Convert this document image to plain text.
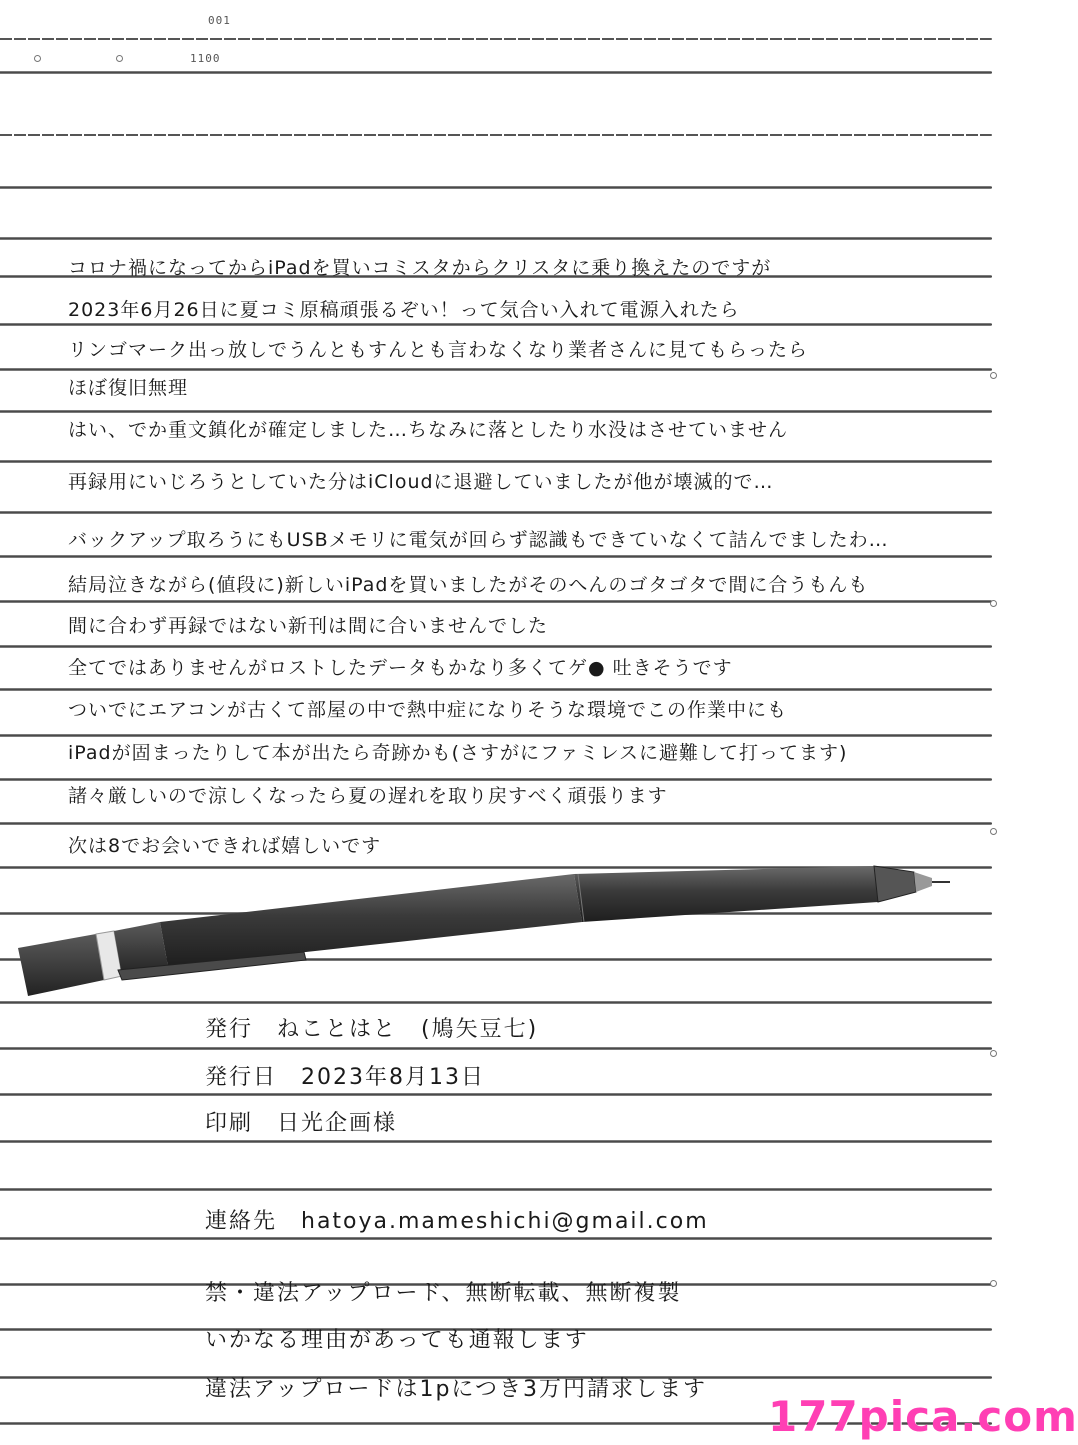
001
1100
コロナ禍になってからiPadを買いコミスタからクリスタに乗り換えたのですが
2023年6月26日に夏コミ原稿頑張るぞい！って気合い入れて電源入れたら
リンゴマーク出っ放しでうんともすんとも言わなくなり業者さんに見てもらったら
ほぼ復旧無理
はい、でか重文鎮化が確定しました…ちなみに落としたり水没はさせていません
再録用にいじろうとしていた分はiCloudに退避していましたが他が壊滅的で…
バックアップ取ろうにもUSBメモリに電気が回らず認識もできていなくて詰んでましたわ…
結局泣きながら(値段に)新しいiPadを買いましたがそのへんのゴタゴタで間に合うもんも
間に合わず再録ではない新刊は間に合いませんでした
全てではありませんがロストしたデータもかなり多くてゲ● 吐きそうです
ついでにエアコンが古くて部屋の中で熱中症になりそうな環境でこの作業中にも
iPadが固まったりして本が出たら奇跡かも(さすがにファミレスに避難して打ってます)
諸々厳しいので涼しくなったら夏の遅れを取り戻すべく頑張ります
次は8でお会いできれば嬉しいです
発行　ねことはと　(鳩矢豆七)
発行日　2023年8月13日
印刷　日光企画様
連絡先　hatoya.mameshichi@gmail.com
禁・違法アップロード、無断転載、無断複製
いかなる理由があっても通報します
違法アップロードは1pにつき3万円請求します
177pica.com
